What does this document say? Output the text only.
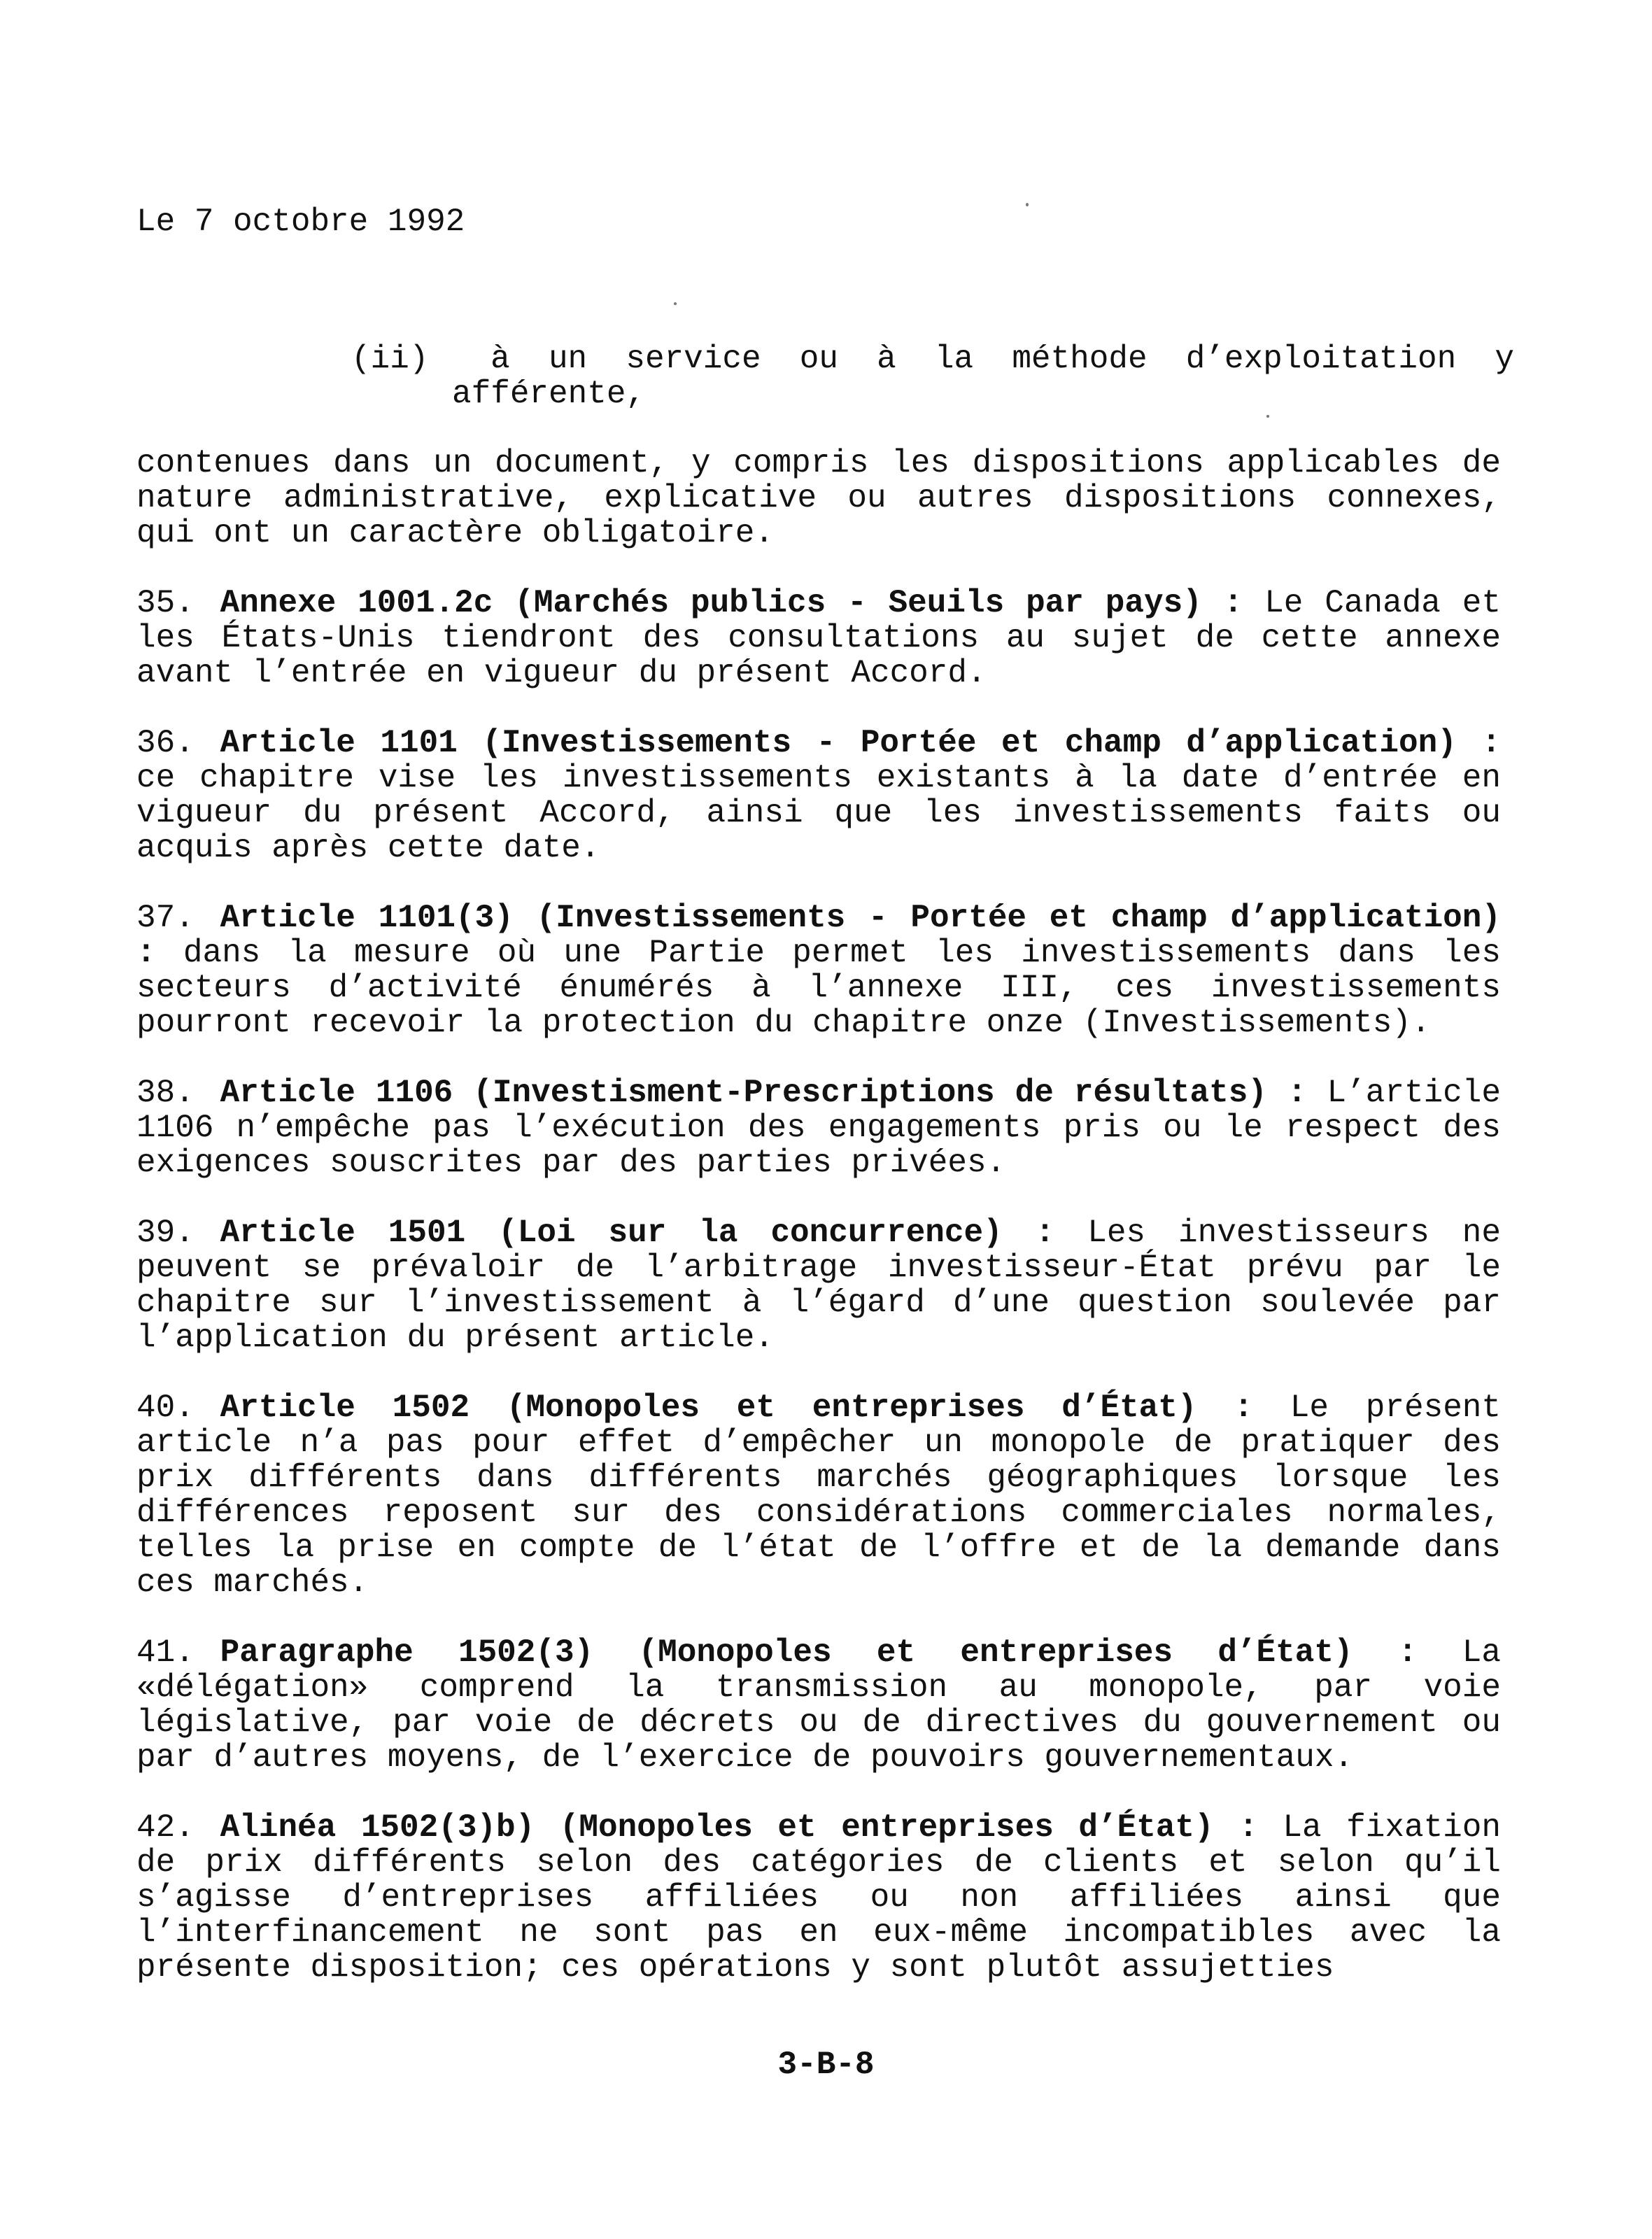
Le 7 octobre 1992
(ii)	à un service ou à la méthode d’exploitation y
afférente,

contenues dans un document, y compris les dispositions applicables de nature administrative, explicative ou autres dispositions connexes, qui ont un caractère obligatoire.

35. Annexe 1001.2c (Marchés publics - Seuils par pays) : Le Canada et les États-Unis tiendront des consultations au sujet de cette annexe avant l’entrée en vigueur du présent Accord.

36. Article 1101 (Investissements - Portée et champ d’application) : ce chapitre vise les investissements existants à la date d’entrée en vigueur du présent Accord, ainsi que les investissements faits ou acquis après cette date.

37. Article 1101(3) (Investissements - Portée et champ d’application) : dans la mesure où une Partie permet les investissements dans les secteurs d’activité énumérés à l’annexe III, ces investissements pourront recevoir la protection du chapitre onze (Investissements).

38. Article 1106 (Investisment-Prescriptions de résultats) : L’article 1106 n’empêche pas l’exécution des engagements pris ou le respect des exigences souscrites par des parties privées.

39. Article 1501 (Loi sur la concurrence) : Les investisseurs ne peuvent se prévaloir de l’arbitrage investisseur-État prévu par le chapitre sur l’investissement à l’égard d’une question soulevée par l’application du présent article.

40. Article 1502 (Monopoles et entreprises d’État) : Le présent article n’a pas pour effet d’empêcher un monopole de pratiquer des prix différents dans différents marchés géographiques lorsque les différences reposent sur des considérations commerciales normales, telles la prise en compte de l’état de l’offre et de la demande dans ces marchés.

41. Paragraphe 1502(3) (Monopoles et entreprises d’État) : La «délégation» comprend la transmission au monopole, par voie législative, par voie de décrets ou de directives du gouvernement ou par d’autres moyens, de l’exercice de pouvoirs gouvernementaux.

42. Alinéa 1502(3)b) (Monopoles et entreprises d’État) : La fixation de prix différents selon des catégories de clients et selon qu’il s’agisse d’entreprises affiliées ou non affiliées ainsi que l’interfinancement ne sont pas en eux-même incompatibles avec la présente disposition; ces opérations y sont plutôt assujetties

3-B-8
